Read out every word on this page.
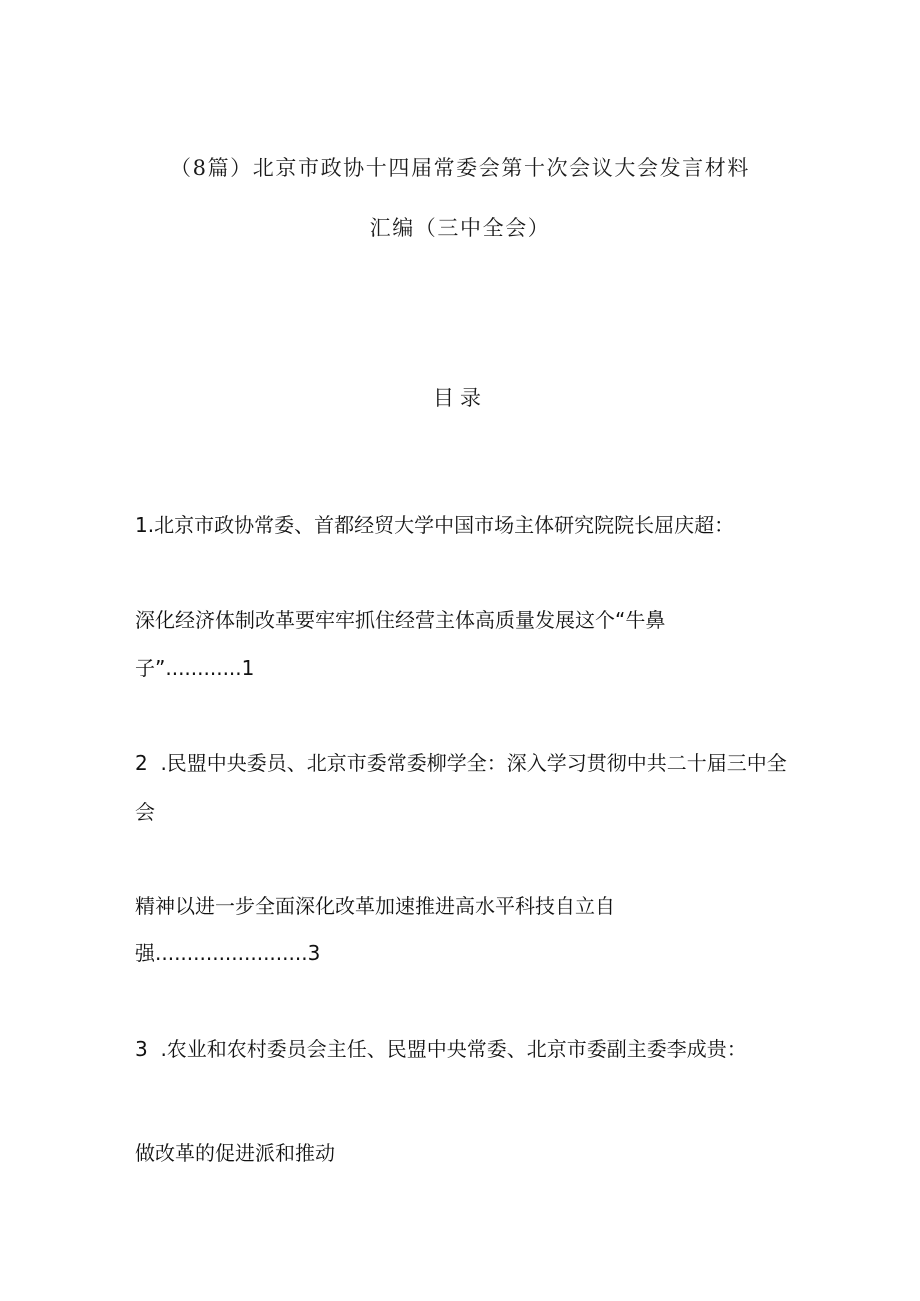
（8篇）北京市政协十四届常委会第十次会议大会发言材料
汇编（三中全会）
目录
1.北京市政协常委、首都经贸大学中国市场主体研究院院长屈庆超：
深化经济体制改革要牢牢抓住经营主体高质量发展这个“牛鼻
子”............1
2  .民盟中央委员、北京市委常委柳学全：深入学习贯彻中共二十届三中全
会
精神以进一步全面深化改革加速推进高水平科技自立自
强........................3
3  .农业和农村委员会主任、民盟中央常委、北京市委副主委李成贵：
做改革的促进派和推动
